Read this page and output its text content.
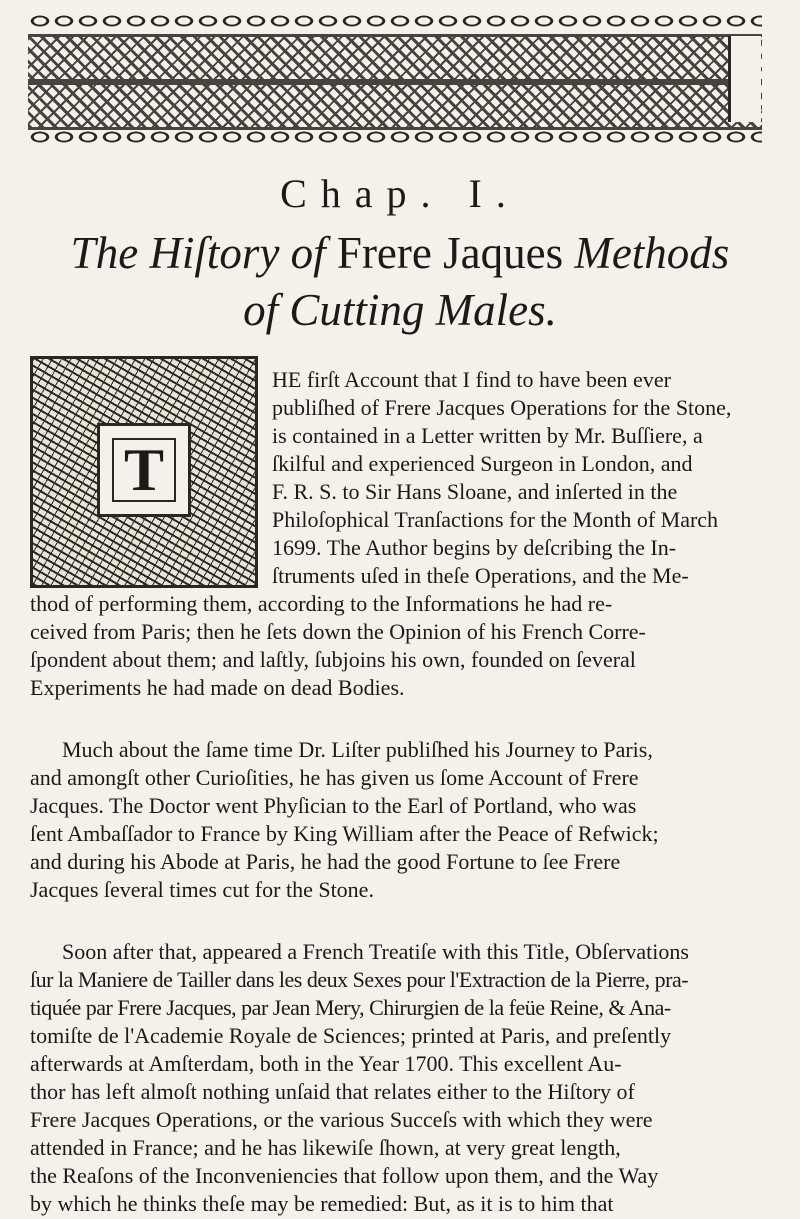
Chap. I.
The Hiſtory of Frere Jaques Methods
of Cutting Males.
T
HE firſt Account that I find to have been ever
publiſhed of Frere Jacques Operations for the Stone,
is contained in a Letter written by Mr. Buſſiere, a
ſkilful and experienced Surgeon in London, and
F. R. S. to Sir Hans Sloane, and inſerted in the
Philoſophical Tranſactions for the Month of March
1699. The Author begins by deſcribing the In-
ſtruments uſed in theſe Operations, and the Me-
thod of performing them, according to the Informations he had re-
ceived from Paris; then he ſets down the Opinion of his French Corre-
ſpondent about them; and laſtly, ſubjoins his own, founded on ſeveral
Experiments he had made on dead Bodies.
Much about the ſame time Dr. Liſter publiſhed his Journey to Paris,
and amongſt other Curioſities, he has given us ſome Account of Frere
Jacques. The Doctor went Phyſician to the Earl of Portland, who was
ſent Ambaſſador to France by King William after the Peace of Refwick;
and during his Abode at Paris, he had the good Fortune to ſee Frere
Jacques ſeveral times cut for the Stone.
Soon after that, appeared a French Treatiſe with this Title, Obſervations
ſur la Maniere de Tailler dans les deux Sexes pour l'Extraction de la Pierre, pra-
tiquée par Frere Jacques, par Jean Mery, Chirurgien de la feüe Reine, & Ana-
tomiſte de l'Academie Royale de Sciences; printed at Paris, and preſently
afterwards at Amſterdam, both in the Year 1700. This excellent Au-
thor has left almoſt nothing unſaid that relates either to the Hiſtory of
Frere Jacques Operations, or the various Succeſs with which they were
attended in France; and he has likewiſe ſhown, at very great length,
the Reaſons of the Inconveniencies that follow upon them, and the Way
by which he thinks theſe may be remedied: But, as it is to him that
